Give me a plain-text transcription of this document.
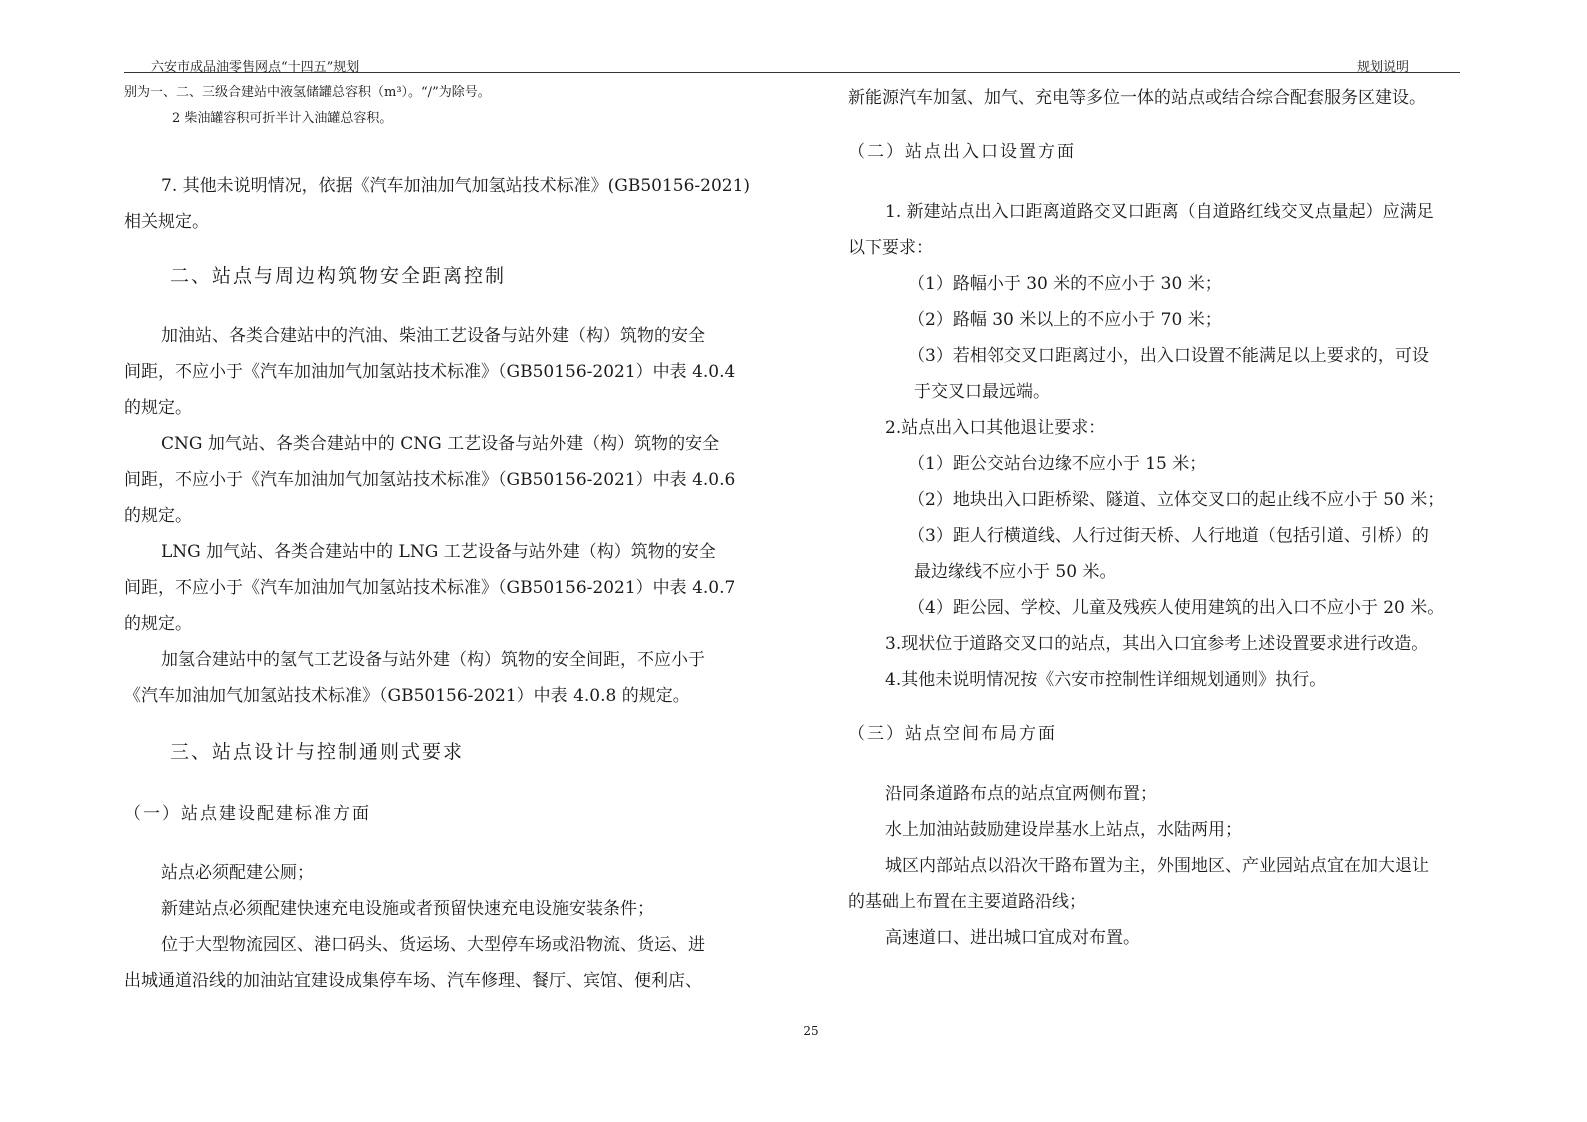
六安市成品油零售网点“十四五”规划	规划说明
别为一、二、三级合建站中液氢储罐总容积（m³）。“/”为除号。
2 柴油罐容积可折半计入油罐总容积。
7. 其他未说明情况，依据《汽车加油加气加氢站技术标准》(GB50156-2021)
相关规定。
二、站点与周边构筑物安全距离控制
加油站、各类合建站中的汽油、柴油工艺设备与站外建（构）筑物的安全
间距，不应小于《汽车加油加气加氢站技术标准》（GB50156-2021）中表 4.0.4
的规定。
CNG 加气站、各类合建站中的 CNG 工艺设备与站外建（构）筑物的安全
间距，不应小于《汽车加油加气加氢站技术标准》（GB50156-2021）中表 4.0.6
的规定。
LNG 加气站、各类合建站中的 LNG 工艺设备与站外建（构）筑物的安全
间距，不应小于《汽车加油加气加氢站技术标准》（GB50156-2021）中表 4.0.7
的规定。
加氢合建站中的氢气工艺设备与站外建（构）筑物的安全间距，不应小于
《汽车加油加气加氢站技术标准》（GB50156-2021）中表 4.0.8 的规定。
三、站点设计与控制通则式要求
（一）站点建设配建标准方面
站点必须配建公厕；
新建站点必须配建快速充电设施或者预留快速充电设施安装条件；
位于大型物流园区、港口码头、货运场、大型停车场或沿物流、货运、进
出城通道沿线的加油站宜建设成集停车场、汽车修理、餐厅、宾馆、便利店、
新能源汽车加氢、加气、充电等多位一体的站点或结合综合配套服务区建设。
（二）站点出入口设置方面
1. 新建站点出入口距离道路交叉口距离（自道路红线交叉点量起）应满足
以下要求：
（1）路幅小于 30 米的不应小于 30 米；
（2）路幅 30 米以上的不应小于 70 米；
（3）若相邻交叉口距离过小，出入口设置不能满足以上要求的，可设
于交叉口最远端。
2.站点出入口其他退让要求：
（1）距公交站台边缘不应小于 15 米；
（2）地块出入口距桥梁、隧道、立体交叉口的起止线不应小于 50 米；
（3）距人行横道线、人行过街天桥、人行地道（包括引道、引桥）的
最边缘线不应小于 50 米。
（4）距公园、学校、儿童及残疾人使用建筑的出入口不应小于 20 米。
3.现状位于道路交叉口的站点，其出入口宜参考上述设置要求进行改造。
4.其他未说明情况按《六安市控制性详细规划通则》执行。
（三）站点空间布局方面
沿同条道路布点的站点宜两侧布置；
水上加油站鼓励建设岸基水上站点，水陆两用；
城区内部站点以沿次干路布置为主，外围地区、产业园站点宜在加大退让
的基础上布置在主要道路沿线；
高速道口、进出城口宜成对布置。
25
